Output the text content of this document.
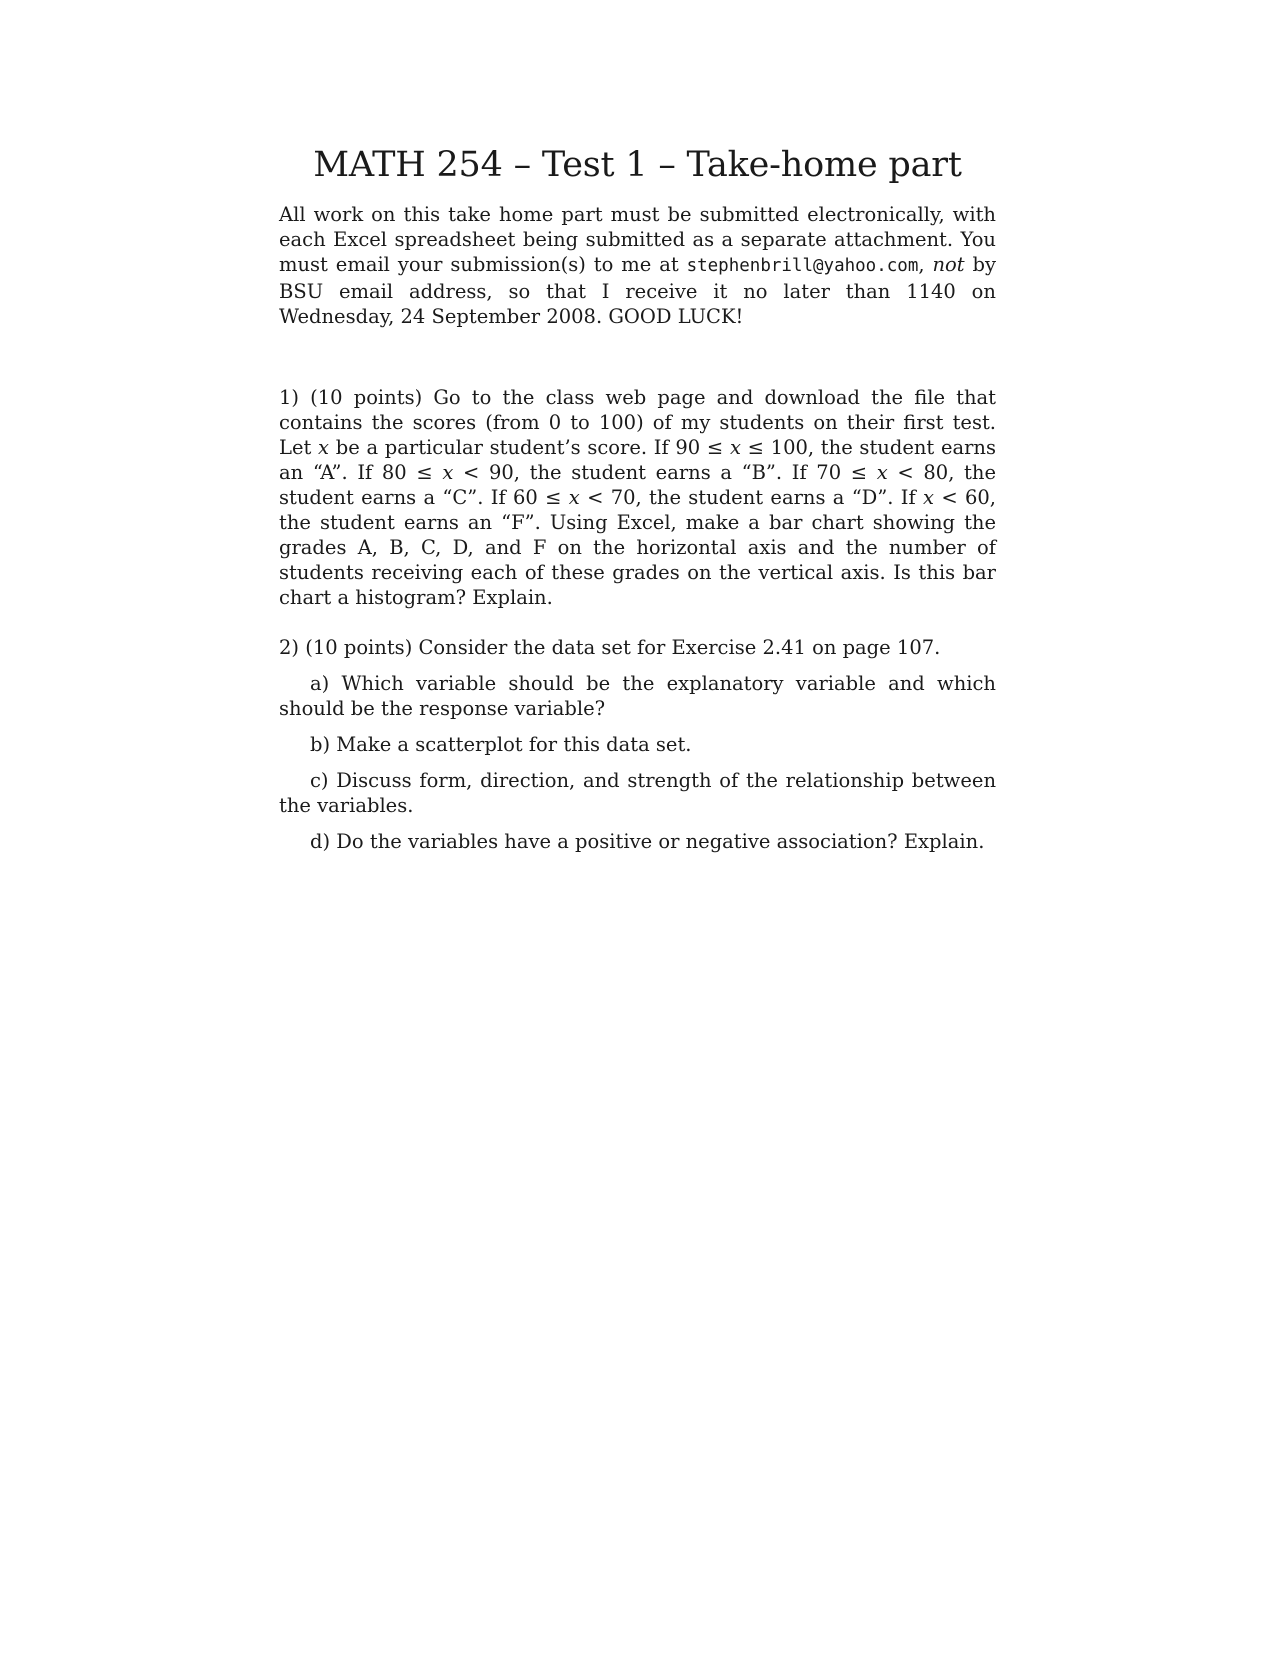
MATH 254 – Test 1 – Take-home part

All work on this take home part must be submitted electronically, with each Excel spreadsheet being submitted as a separate attachment. You must email your submission(s) to me at stephenbrill@yahoo.com, not by BSU email address, so that I receive it no later than 1140 on Wednesday, 24 September 2008. GOOD LUCK!

1) (10 points) Go to the class web page and download the file that contains the scores (from 0 to 100) of my students on their first test. Let x be a particular student’s score. If 90 ≤ x ≤ 100, the student earns an “A”. If 80 ≤ x < 90, the student earns a “B”. If 70 ≤ x < 80, the student earns a “C”. If 60 ≤ x < 70, the student earns a “D”. If x < 60, the student earns an “F”. Using Excel, make a bar chart showing the grades A, B, C, D, and F on the horizontal axis and the number of students receiving each of these grades on the vertical axis. Is this bar chart a histogram? Explain.

2) (10 points) Consider the data set for Exercise 2.41 on page 107.

a) Which variable should be the explanatory variable and which should be the response variable?

b) Make a scatterplot for this data set.

c) Discuss form, direction, and strength of the relationship between the variables.

d) Do the variables have a positive or negative association? Explain.
